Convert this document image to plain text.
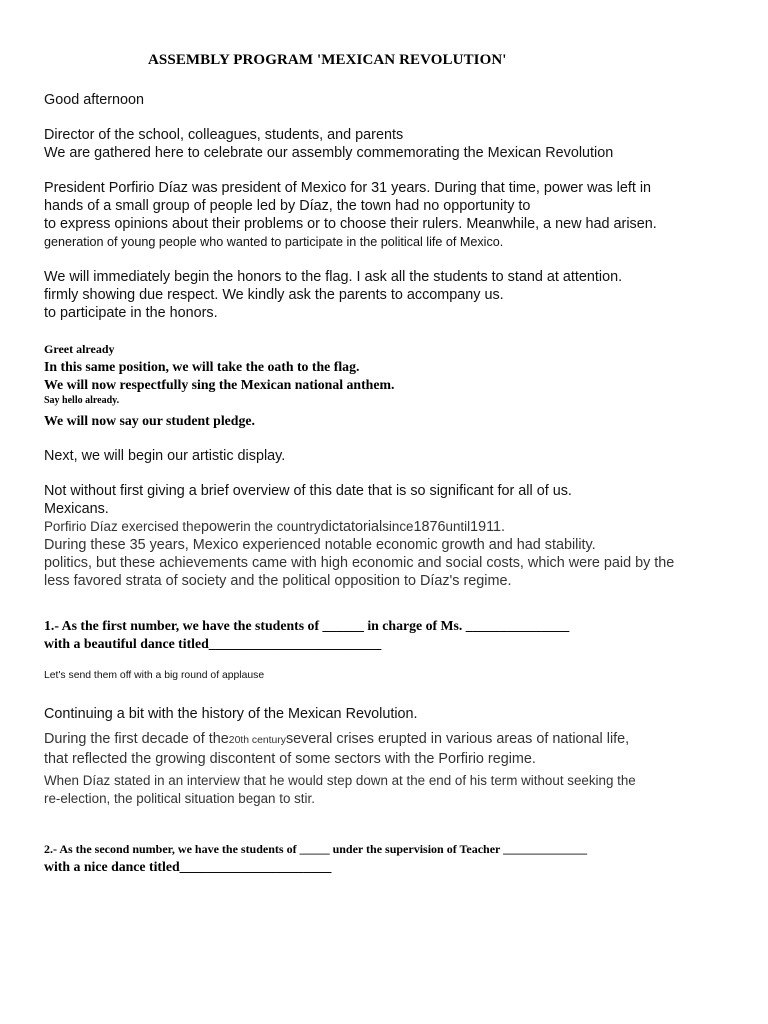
ASSEMBLY PROGRAM 'MEXICAN REVOLUTION'

Good afternoon

Director of the school, colleagues, students, and parents

We are gathered here to celebrate our assembly commemorating the Mexican Revolution

President Porfirio Díaz was president of Mexico for 31 years. During that time, power was left in

hands of a small group of people led by Díaz, the town had no opportunity to

to express opinions about their problems or to choose their rulers. Meanwhile, a new had arisen.

generation of young people who wanted to participate in the political life of Mexico.

We will immediately begin the honors to the flag. I ask all the students to stand at attention.

firmly showing due respect. We kindly ask the parents to accompany us.

to participate in the honors.

Greet already

In this same position, we will take the oath to the flag.

We will now respectfully sing the Mexican national anthem.

Say hello already.

We will now say our student pledge.

Next, we will begin our artistic display.

Not without first giving a brief overview of this date that is so significant for all of us.

Mexicans.

Porfirio Díaz exercised thepowerin the countrydictatorialsince1876until1911.

During these 35 years, Mexico experienced notable economic growth and had stability.

politics, but these achievements came with high economic and social costs, which were paid by the

less favored strata of society and the political opposition to Díaz's regime.

1.- As the first number, we have the students of ______ in charge of Ms. _______________

with a beautiful dance titled_________________________

Let's send them off with a big round of applause

Continuing a bit with the history of the Mexican Revolution.

During the first decade of the20th centuryseveral crises erupted in various areas of national life,

that reflected the growing discontent of some sectors with the Porfirio regime.

When Díaz stated in an interview that he would step down at the end of his term without seeking the

re-election, the political situation began to stir.

2.- As the second number, we have the students of _____ under the supervision of Teacher ______________

with a nice dance titled______________________
